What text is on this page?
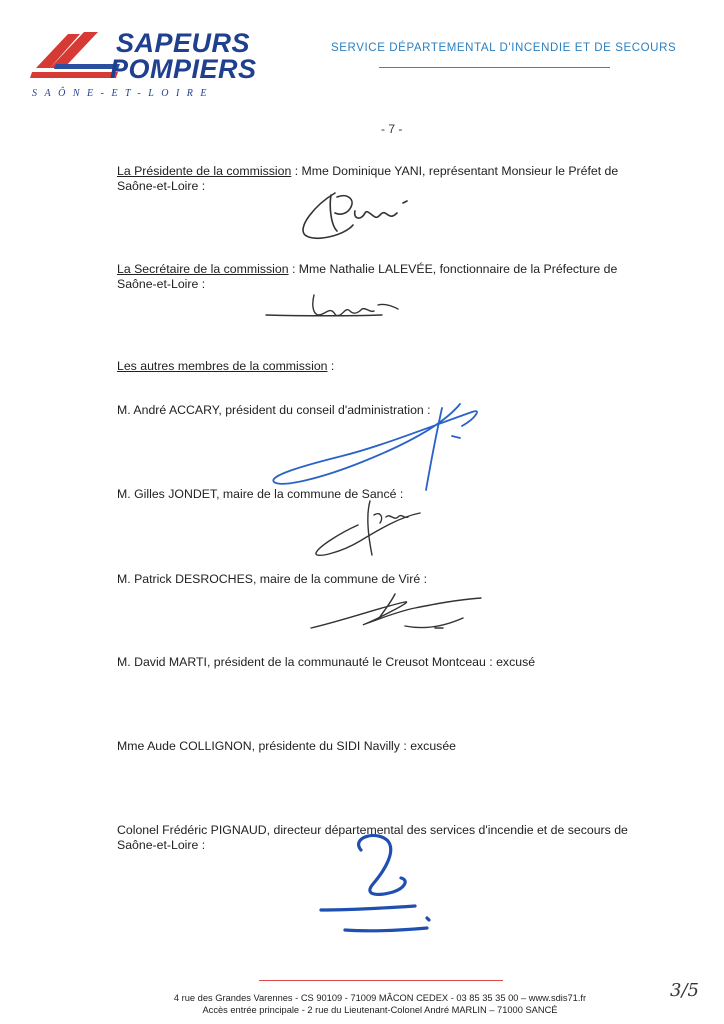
SAPEURS
POMPIERS
SAÔNE-ET-LOIRE
SERVICE DÉPARTEMENTAL D'INCENDIE ET DE SECOURS
- 7 -
La Présidente de la commission : Mme Dominique YANI, représentant Monsieur le Préfet de Saône-et-Loire :
La Secrétaire de la commission : Mme Nathalie LALEVÉE, fonctionnaire de la Préfecture de Saône-et-Loire :
Les autres membres de la commission :
M. André ACCARY, président du conseil d'administration :
M. Gilles JONDET, maire de la commune de Sancé :
M. Patrick DESROCHES, maire de la commune de Viré :
M. David MARTI, président de la communauté le Creusot Montceau : excusé
Mme Aude COLLIGNON, présidente du SIDI Navilly : excusée
Colonel Frédéric PIGNAUD, directeur départemental des services d'incendie et de secours de Saône-et-Loire :
4 rue des Grandes Varennes - CS 90109 - 71009 MÂCON CEDEX - 03 85 35 35 00 – www.sdis71.fr
Accès entrée principale - 2 rue du Lieutenant-Colonel André MARLIN – 71000 SANCÉ
3/5
